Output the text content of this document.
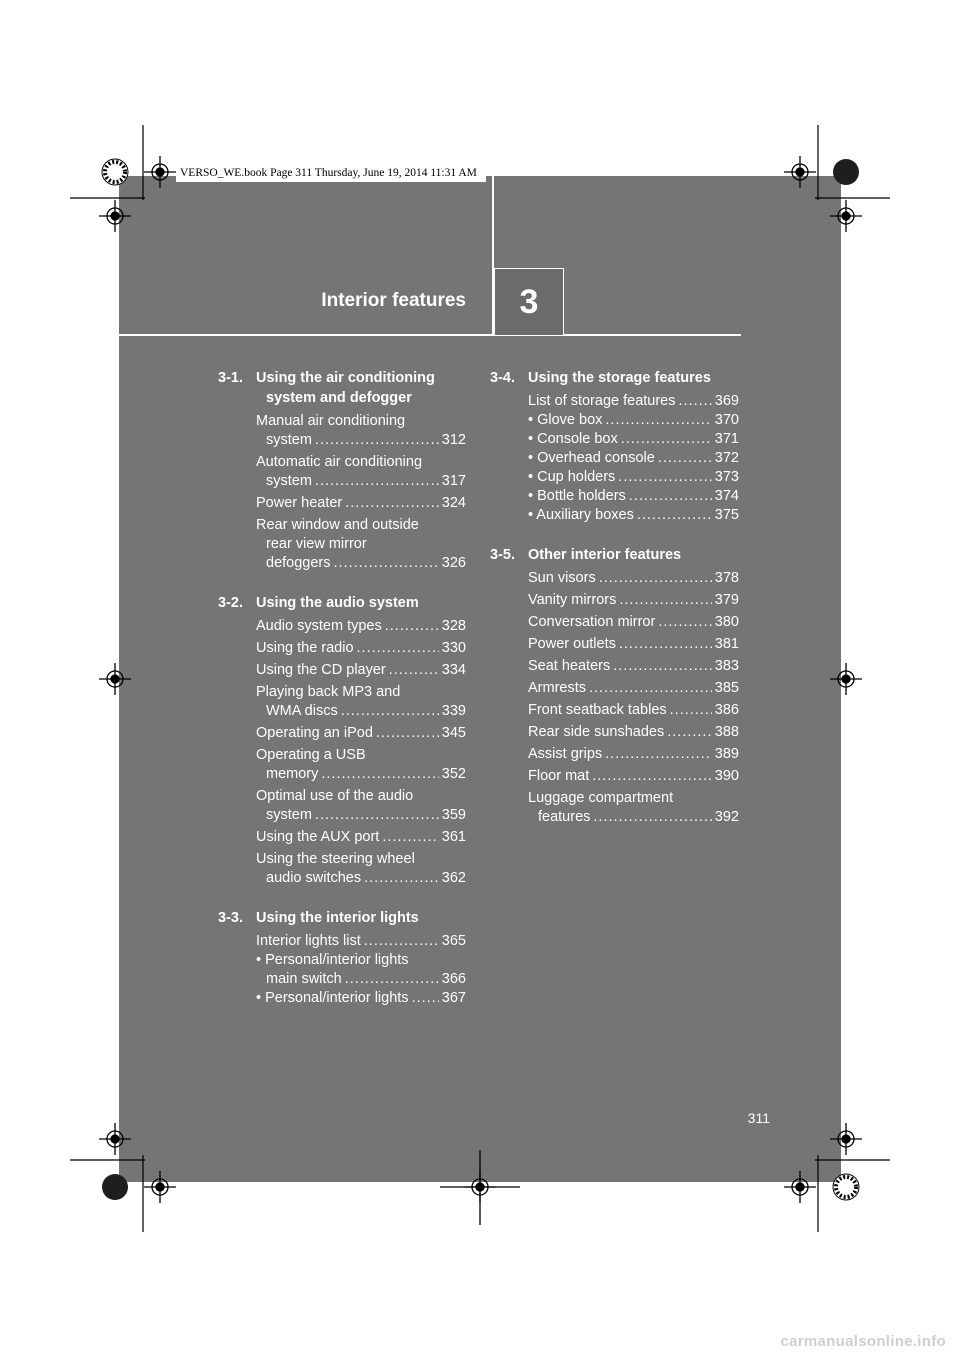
Interior features	3
VERSO_WE.book Page 311 Thursday, June 19, 2014 11:31 AM
3-1. Using the air conditioning
system and defogger
Manual air conditioning
system .....	312
Automatic air conditioning
system .....	317
Power heater .....	324
Rear window and outside
rear view mirror
defoggers .....	326
3-2. Using the audio system
Audio system types .....	328
Using the radio .....	330
Using the CD player .....	334
Playing back MP3 and
WMA discs .....	339
Operating an iPod .....	345
Operating a USB
memory .....	352
Optimal use of the audio
system .....	359
Using the AUX port .....	361
Using the steering wheel
audio switches .....	362
3-3. Using the interior lights
Interior lights list .....	365
• Personal/interior lights
main switch .....	366
• Personal/interior lights ..... 367
3-4. Using the storage features
List of storage features .....	369
• Glove box .....	370
• Console box .....	371
• Overhead console .....	372
• Cup holders .....	373
• Bottle holders .....	374
• Auxiliary boxes .....	375
3-5. Other interior features
Sun visors .....	378
Vanity mirrors .....	379
Conversation mirror .....	380
Power outlets .....	381
Seat heaters .....	383
Armrests .....	385
Front seatback tables .....	386
Rear side sunshades .....	388
Assist grips .....	389
Floor mat .....	390
Luggage compartment
features .....	392
311
carmanualsonline.info
